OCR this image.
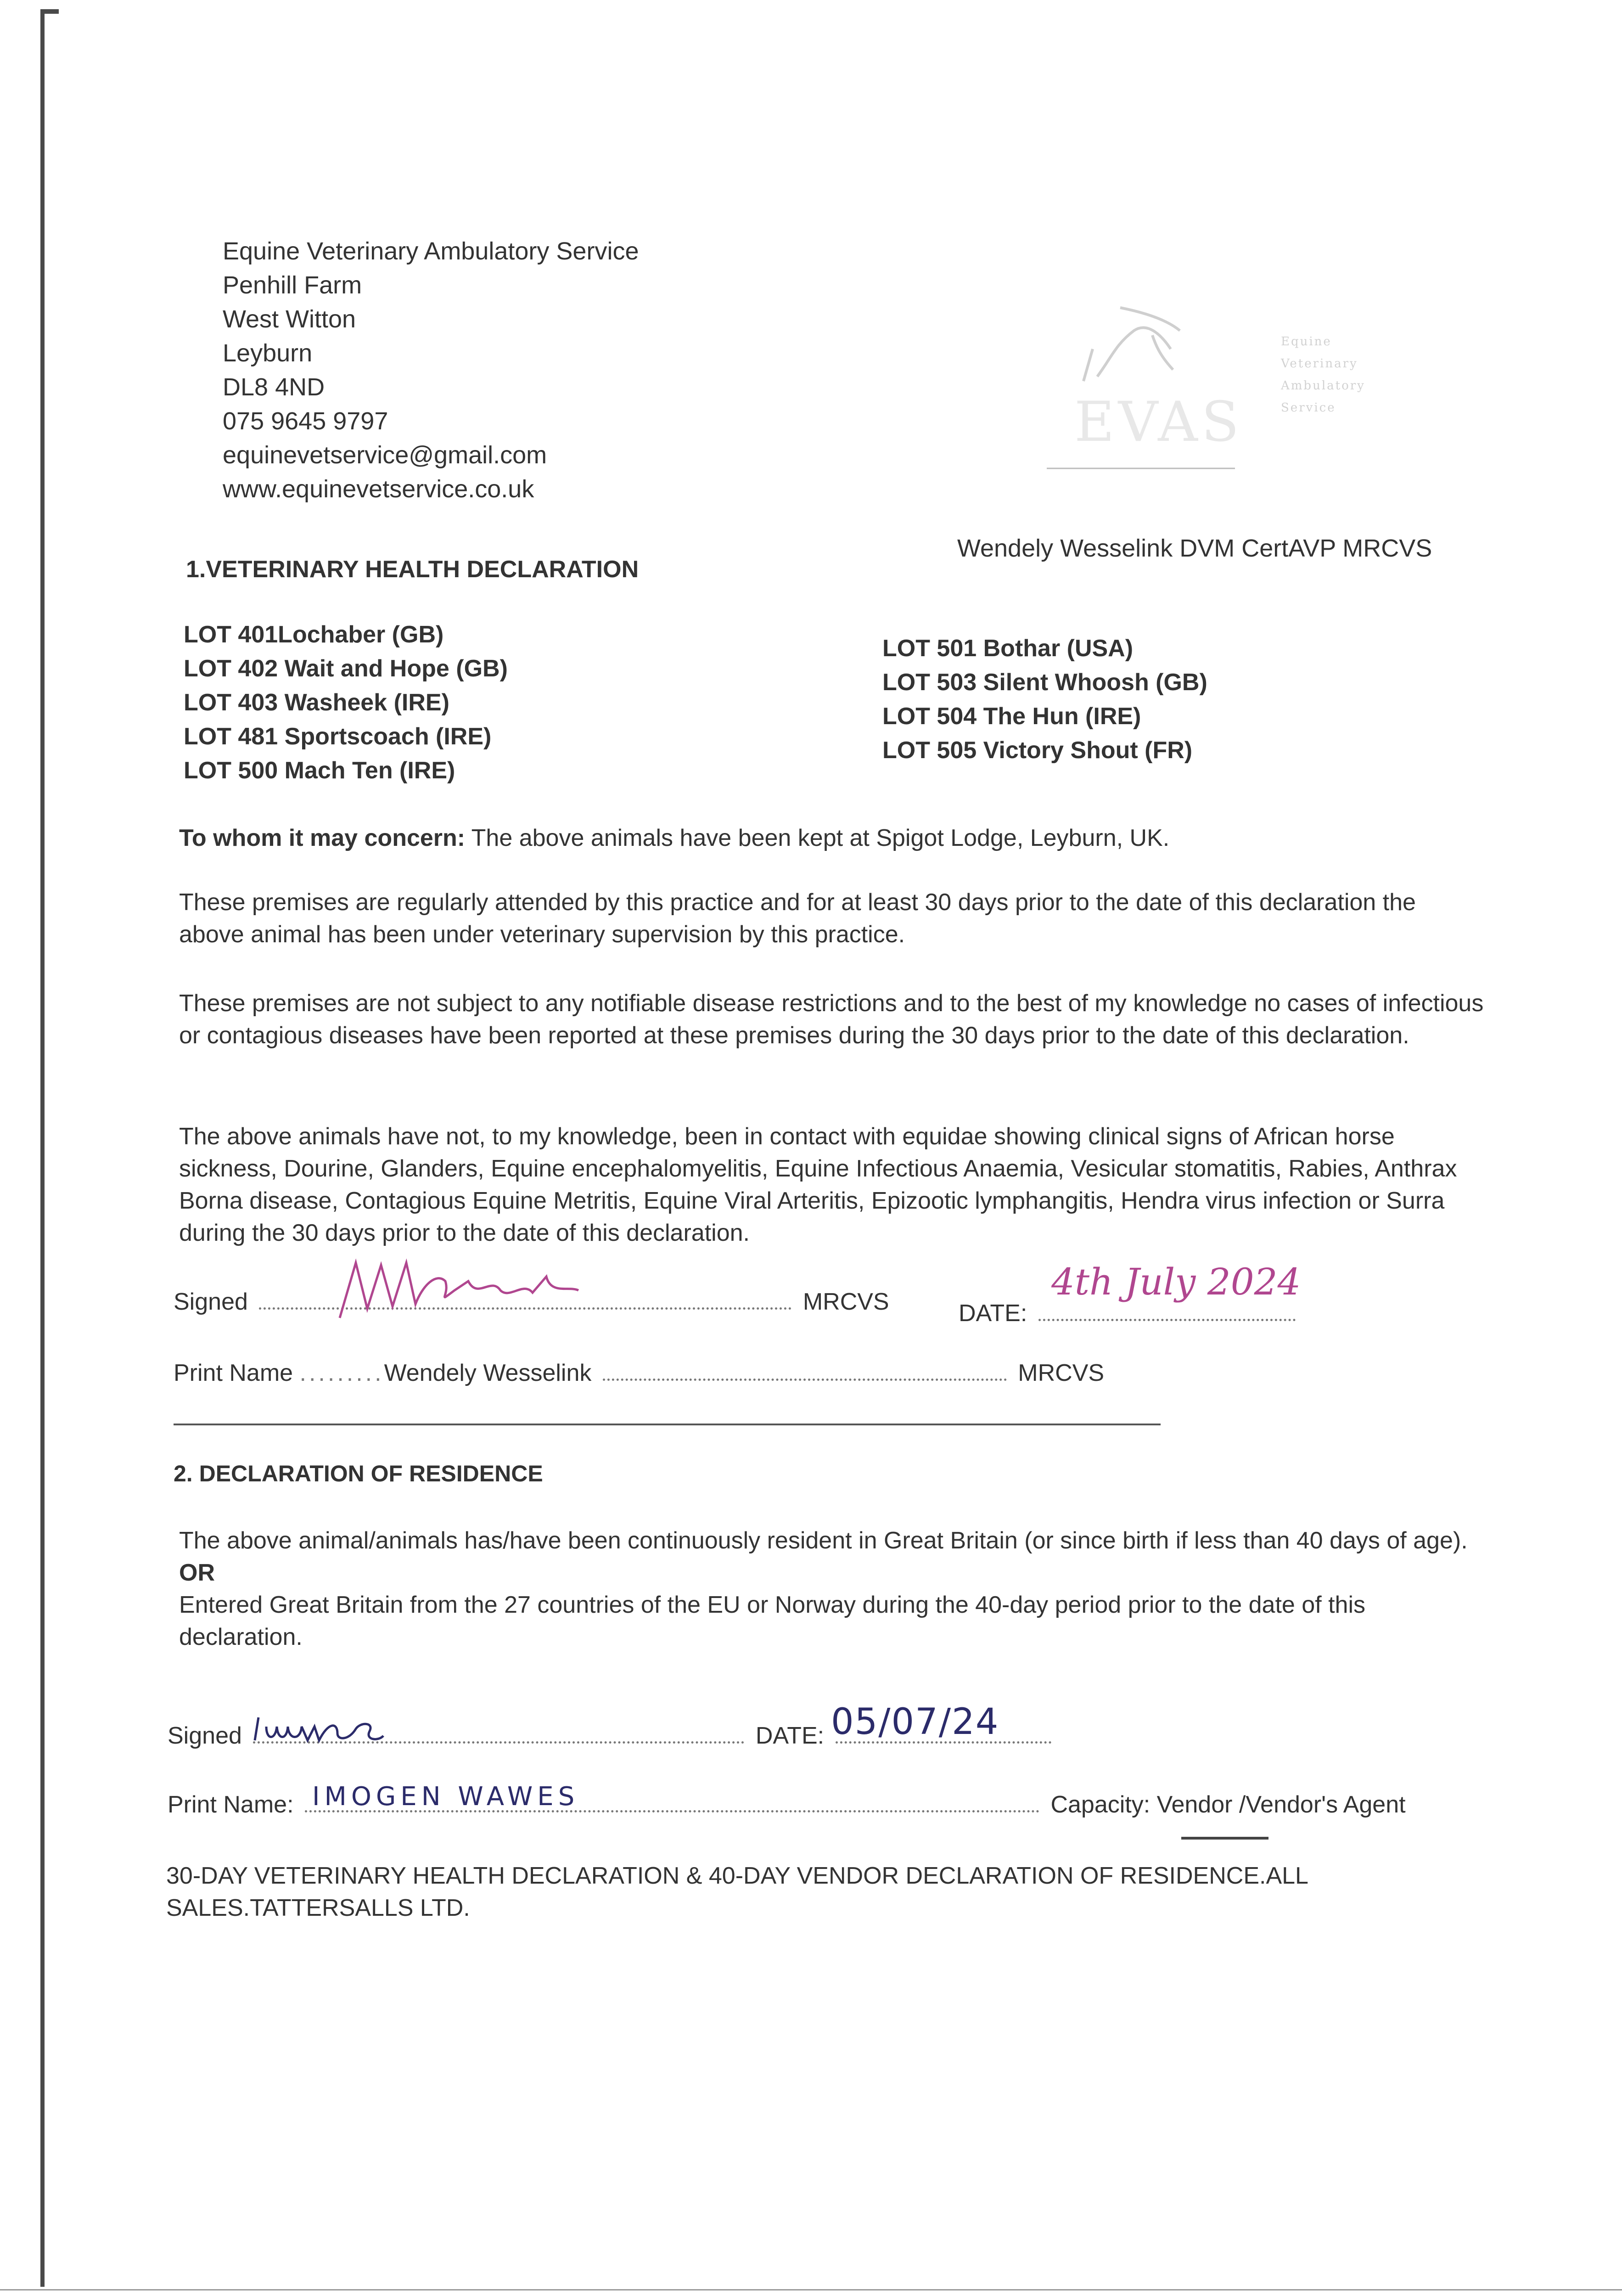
Equine Veterinary Ambulatory Service
Penhill Farm
West Witton
Leyburn
DL8 4ND
075 9645 9797
equinevetservice@gmail.com
www.equinevetservice.co.uk
EVAS
Equine
Veterinary
Ambulatory
Service
Wendely Wesselink DVM CertAVP MRCVS
1.VETERINARY HEALTH DECLARATION
LOT 401Lochaber (GB)
LOT 402 Wait and Hope (GB)
LOT 403 Washeek (IRE)
LOT 481 Sportscoach (IRE)
LOT 500 Mach Ten (IRE)
LOT 501 Bothar (USA)
LOT 503 Silent Whoosh (GB)
LOT 504 The Hun (IRE)
LOT 505 Victory Shout (FR)
To whom it may concern: The above animals have been kept at Spigot Lodge, Leyburn, UK.
These premises are regularly attended by this practice and for at least 30 days prior to the date of this declaration the above animal has been under veterinary supervision by this practice.
These premises are not subject to any notifiable disease restrictions and to the best of my knowledge no cases of infectious or contagious diseases have been reported at these premises during the 30 days prior to the date of this declaration.
The above animals have not, to my knowledge, been in contact with equidae showing clinical signs of African horse sickness, Dourine, Glanders, Equine encephalomyelitis, Equine Infectious Anaemia, Vesicular stomatitis, Rabies, Anthrax Borna disease, Contagious Equine Metritis, Equine Viral Arteritis, Epizootic lymphangitis, Hendra virus infection or Surra during the 30 days prior to the date of this declaration.
Signed	MRCVS	DATE:
4th July 2024
Print Name .........Wendely Wesselink	MRCVS
2. DECLARATION OF RESIDENCE
The above animal/animals has/have been continuously resident in Great Britain (or since birth if less than 40 days of age).
OR
Entered Great Britain from the 27 countries of the EU or Norway during the 40-day period prior to the date of this declaration.
Signed	DATE: 05/07/24
Print Name:	Capacity: Vendor /Vendor's Agent
IMOGEN WAWES
30-DAY VETERINARY HEALTH DECLARATION & 40-DAY VENDOR DECLARATION OF RESIDENCE.ALL SALES.TATTERSALLS LTD.
